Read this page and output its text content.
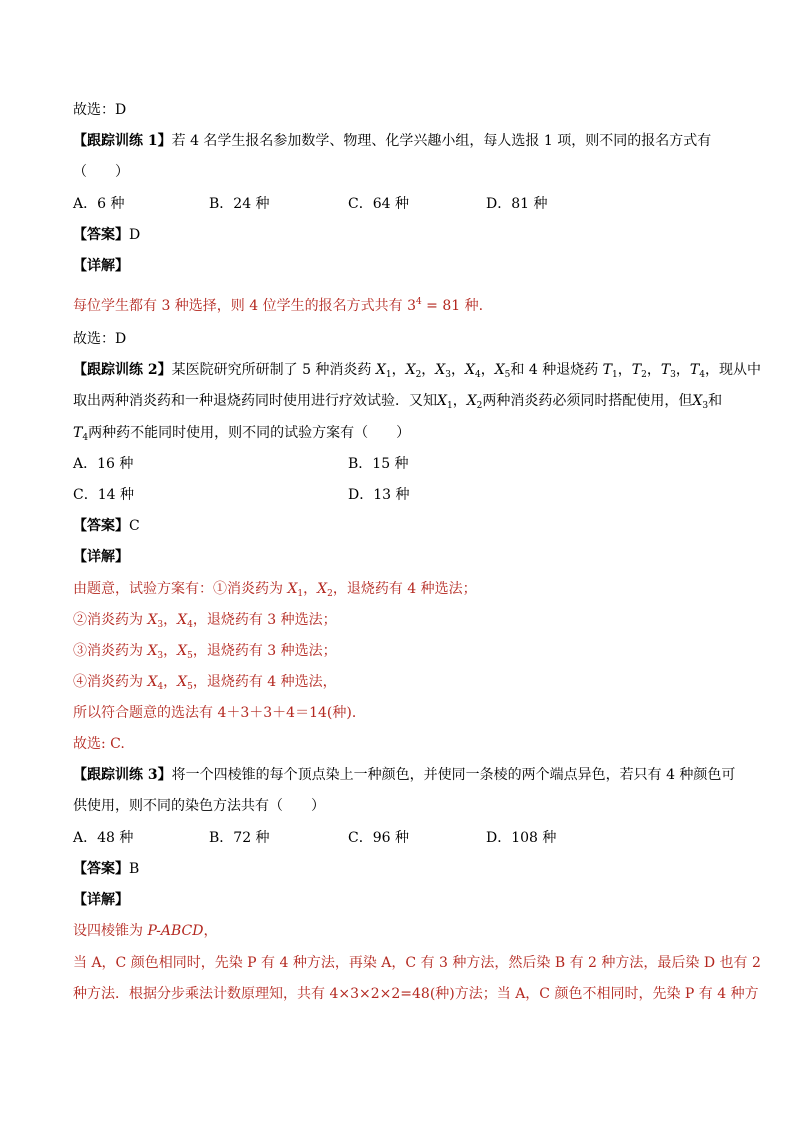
故选：D
【跟踪训练 1】若 4 名学生报名参加数学、物理、化学兴趣小组，每人选报 1 项，则不同的报名方式有
（　　）
A．6 种	B．24 种	C．64 种	D．81 种
【答案】D
【详解】
每位学生都有 3 种选择，则 4 位学生的报名方式共有 $3^4 = 81$ 种.
故选：D
【跟踪训练 2】某医院研究所研制了 5 种消炎药 $X_1$，$X_2$，$X_3$，$X_4$，$X_5$和 4 种退烧药 $T_1$，$T_2$，$T_3$，$T_4$，现从中
取出两种消炎药和一种退烧药同时使用进行疗效试验．又知$X_1$，$X_2$两种消炎药必须同时搭配使用，但$X_3$和
$T_4$两种药不能同时使用，则不同的试验方案有（　　）
A．16 种	B．15 种
C．14 种	D．13 种
【答案】C
【详解】
由题意，试验方案有：①消炎药为 $X_1$，$X_2$，退烧药有 4 种选法；
②消炎药为 $X_3$，$X_4$，退烧药有 3 种选法；
③消炎药为 $X_3$，$X_5$，退烧药有 3 种选法；
④消炎药为 $X_4$，$X_5$，退烧药有 4 种选法，
所以符合题意的选法有 4＋3＋3＋4＝14(种)．
故选: C.
【跟踪训练 3】将一个四棱锥的每个顶点染上一种颜色，并使同一条棱的两个端点异色，若只有 4 种颜色可
供使用，则不同的染色方法共有（　　）
A．48 种	B．72 种	C．96 种	D．108 种
【答案】B
【详解】
设四棱锥为 P-ABCD，
当 A，C 颜色相同时，先染 P 有 4 种方法，再染 A，C 有 3 种方法，然后染 B 有 2 种方法，最后染 D 也有 2
种方法．根据分步乘法计数原理知，共有 4×3×2×2=48(种)方法；当 A，C 颜色不相同时，先染 P 有 4 种方
